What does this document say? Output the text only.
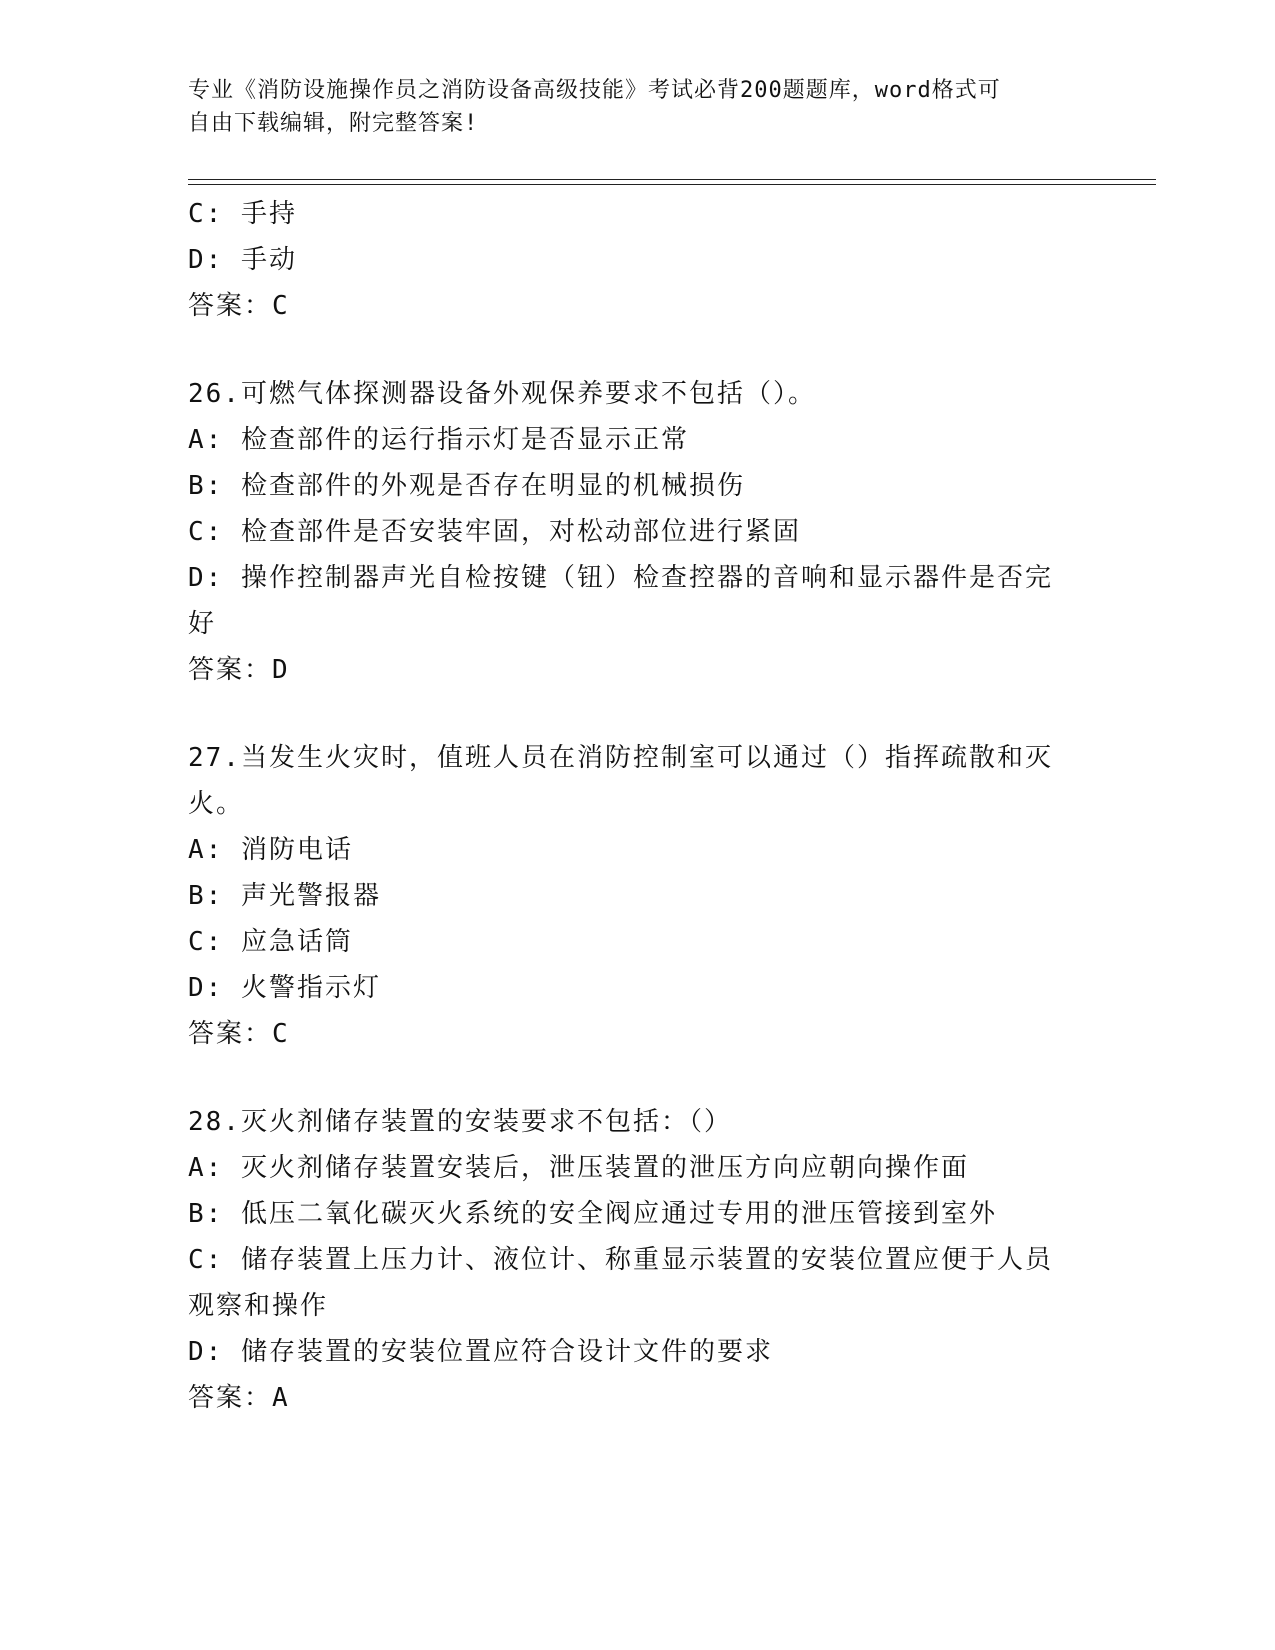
专业《消防设施操作员之消防设备高级技能》考试必背200题题库，word格式可
自由下载编辑，附完整答案!

C: 手持

D: 手动

答案：C

26.可燃气体探测器设备外观保养要求不包括（）。

A: 检查部件的运行指示灯是否显示正常

B: 检查部件的外观是否存在明显的机械损伤

C: 检查部件是否安装牢固，对松动部位进行紧固

D: 操作控制器声光自检按键（钮）检查控器的音响和显示器件是否完

好

答案：D

27.当发生火灾时，值班人员在消防控制室可以通过（）指挥疏散和灭

火。

A: 消防电话

B: 声光警报器

C: 应急话筒

D: 火警指示灯

答案：C

28.灭火剂储存装置的安装要求不包括：（）

A: 灭火剂储存装置安装后，泄压装置的泄压方向应朝向操作面

B: 低压二氧化碳灭火系统的安全阀应通过专用的泄压管接到室外

C: 储存装置上压力计、液位计、称重显示装置的安装位置应便于人员

观察和操作

D: 储存装置的安装位置应符合设计文件的要求

答案：A
